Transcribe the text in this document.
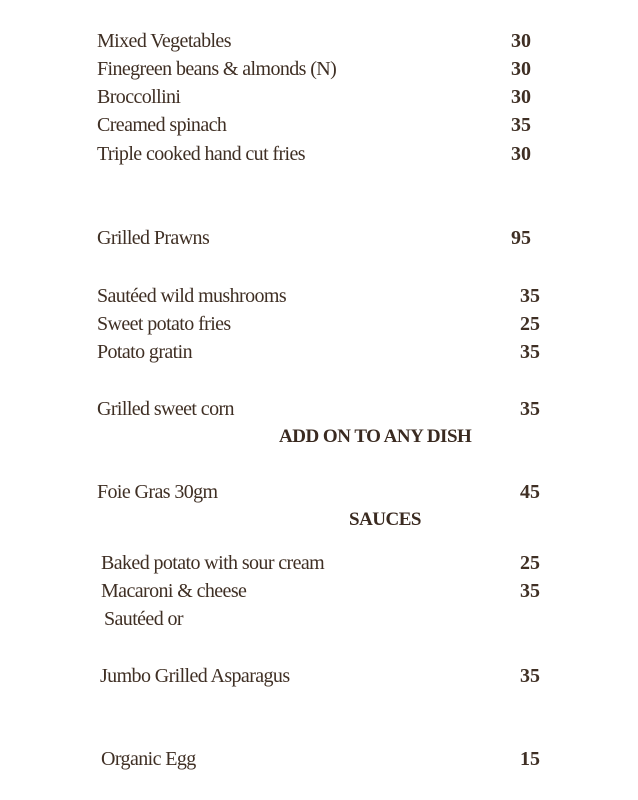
Mixed Vegetables	30
Finegreen beans & almonds (N)	30
Broccollini	30
Creamed spinach	35
Triple cooked hand cut fries	30
Grilled Prawns	95
Sautéed wild mushrooms	35
Sweet potato fries	25
Potato gratin	35
Grilled sweet corn	35
ADD ON TO ANY DISH
Foie Gras 30gm	45
SAUCES
Baked potato with sour cream	25
Macaroni & cheese	35
Sautéed or
Jumbo Grilled Asparagus	35
Organic Egg	15
